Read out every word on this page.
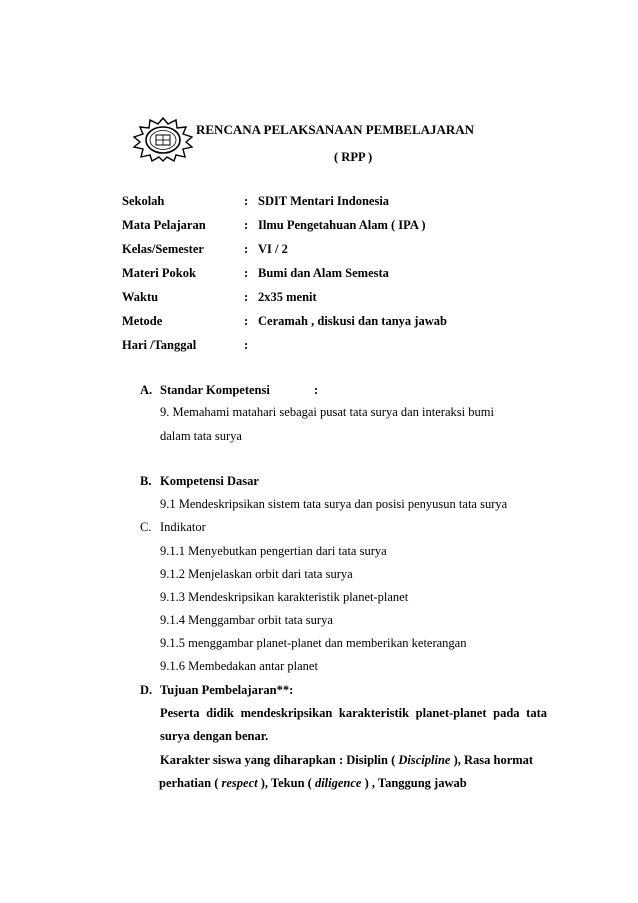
RENCANA PELAKSANAAN PEMBELAJARAN
( RPP )
Sekolah	: SDIT Mentari Indonesia
Mata Pelajaran	: Ilmu Pengetahuan Alam ( IPA )
Kelas/Semester	: VI / 2
Materi Pokok	: Bumi dan Alam Semesta
Waktu	: 2x35 menit
Metode	: Ceramah , diskusi dan tanya jawab
Hari /Tanggal	:
A. Standar Kompetensi	:
9. Memahami matahari sebagai pusat tata surya dan interaksi bumi
dalam tata surya
B. Kompetensi Dasar
9.1 Mendeskripsikan sistem tata surya dan posisi penyusun tata surya
C. Indikator
9.1.1 Menyebutkan pengertian dari tata surya
9.1.2 Menjelaskan orbit dari tata surya
9.1.3 Mendeskripsikan karakteristik planet-planet
9.1.4 Menggambar orbit tata surya
9.1.5 menggambar planet-planet dan memberikan keterangan
9.1.6 Membedakan antar planet
D. Tujuan Pembelajaran**:
Peserta didik mendeskripsikan karakteristik planet-planet pada tata
surya dengan benar.
Karakter siswa yang diharapkan : Disiplin ( Discipline ), Rasa hormat
perhatian ( respect ), Tekun ( diligence ) , Tanggung jawab
